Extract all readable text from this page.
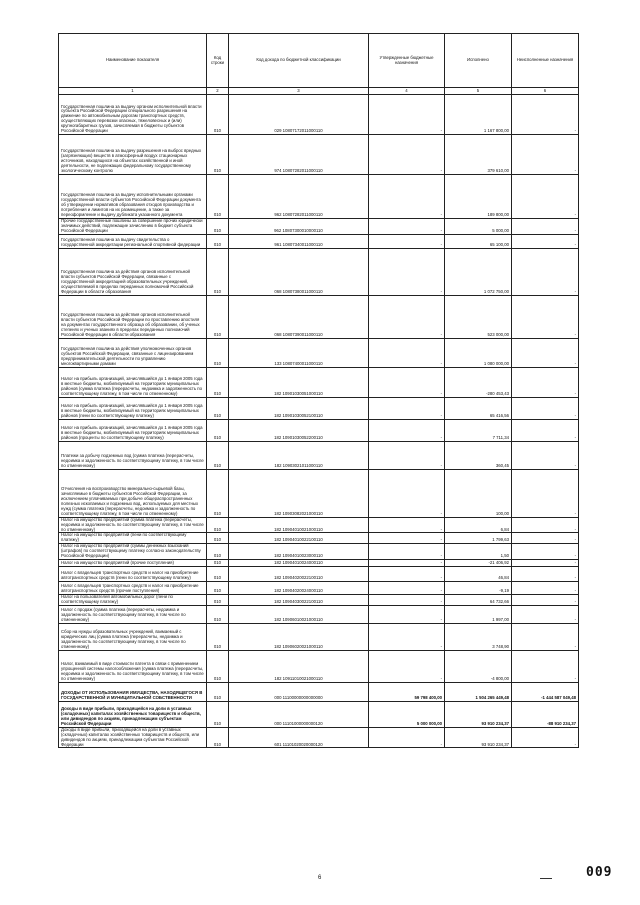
Наименование показателя	Код строки	Код дохода по бюджетной классификации	Утвержденные бюджетные назначения	Исполнено	Неисполненные назначения
1	2	3	4	5	6
Государственная пошлина за выдачу органом исполнительной власти субъекта Российской Федерации специального разрешения на движение по автомобильным дорогам транспортных средств, осуществляющих перевозки опасных, тяжеловесных и (или) крупногабаритных грузов, зачисляемая в бюджеты субъектов Российской Федерации	010	029 10807172011000110	-	1 167 800,00	-
Государственная пошлина за выдачу разрешения на выброс вредных (загрязняющих) веществ в атмосферный воздух стационарных источников, находящихся на объектах хозяйственной и иной деятельности, не подлежащих федеральному государственному экологическому контролю	010	974 10807282011000110	-	379 610,00	-
Государственная пошлина за выдачу исполнительными органами государственной власти субъектов Российской Федерации документа об утверждении нормативов образования отходов производства и потребления и лимитов на их размещение, а также за переоформление и выдачу дубликата указанного документа	010	962 10807282011000110	-	189 800,00	-
Прочие государственные пошлины за совершение прочих юридически значимых действий, подлежащие зачислению в бюджет субъекта Российской Федерации	010	962 10807300010000110	-	5 000,00	-
Государственная пошлина за выдачу свидетельства о государственной аккредитации региональной спортивной федерации	010	961 10807340011000110	-	65 100,00	-
Государственная пошлина за действия органов исполнительной власти субъектов Российской Федерации, связанные с государственной аккредитацией образовательных учреждений, осуществляемой в пределах переданных полномочий Российской Федерации в области образования	010	068 10807380011000110	-	1 072 750,00	-
Государственная пошлина за действия органов исполнительной власти субъектов Российской Федерации по проставлению апостиля на документах государственного образца об образовании, об ученых степенях и ученых званиях в пределах переданных полномочий Российской Федерации в области образования	010	068 10807390011000110	-	523 000,00	-
Государственная пошлина за действия уполномоченных органов субъектов Российской Федерации, связанные с лицензированием предпринимательской деятельности по управлению многоквартирными домами	010	133 10807400011000110	-	1 080 000,00	-
Налог на прибыль организаций, зачислявшийся до 1 января 2005 года в местные бюджеты, мобилизуемый на территориях муниципальных районов (сумма платежа (перерасчеты, недоимка и задолженность по соответствующему платежу, в том числе по отмененному)	010	182 10901030051000110	-	-280 453,43	-
Налог на прибыль организаций, зачислявшийся до 1 января 2005 года в местные бюджеты, мобилизуемый на территориях муниципальных районов (пени по соответствующему платежу)	010	182 10901030052100110	-	65 416,56	-
Налог на прибыль организаций, зачислявшийся до 1 января 2005 года в местные бюджеты, мобилизуемый на территориях муниципальных районов (проценты по соответствующему платежу)	010	182 10901030052200110	-	7 711,34	-
Платежи за добычу подземных вод (сумма платежа (перерасчеты, недоимка и задолженность по соответствующему платежу, в том числе по отмененному)	010	182 10903021011000110	-	360,45	-
Отчисления на воспроизводство минерально-сырьевой базы, зачисляемые в бюджеты субъектов Российской Федерации, за исключением уплачиваемых при добыче общераспространенных полезных ископаемых и подземных вод, используемых для местных нужд (сумма платежа (перерасчеты, недоимка и задолженность по соответствующему платежу, в том числе по отмененному)	010	182 10903082021000110	-	100,00	-
Налог на имущество предприятий (сумма платежа (перерасчеты, недоимка и задолженность по соответствующему платежу, в том числе по отмененному)	010	182 10904010021000110	-	6,84	-
Налог на имущество предприятий (пени по соответствующему платежу)	010	182 10904010022100110	-	1 799,63	-
Налог на имущество предприятий (суммы денежных взысканий (штрафов) по соответствующему платежу согласно законодательству Российской Федерации)	010	182 10904010023000110	-	1,50	-
Налог на имущество предприятий (прочие поступления)	010	182 10904010024000110	-	-21 406,92	-
Налог с владельцев транспортных средств и налог на приобретение автотранспортных средств (пени по соответствующему платежу)	010	182 10904020022100110	-	46,84	-
Налог с владельцев транспортных средств и налог на приобретение автотранспортных средств (прочие поступления)	010	182 10904020024000110	-	-9,19	-
Налог на пользователей автомобильных дорог (пени по соответствующему платежу)	010	182 10904030022100110	-	64 732,66	-
Налог с продаж (сумма платежа (перерасчеты, недоимка и задолженность по соответствующему платежу, в том числе по отмененному)	010	182 10906010021000110	-	1 997,00	-
Сбор на нужды образовательных учреждений, взимаемый с юридических лиц (сумма платежа (перерасчеты, недоимка и задолженность по соответствующему платежу, в том числе по отмененному)	010	182 10906020021000110	-	3 748,90	-
Налог, взимаемый в виде стоимости патента в связи с применением упрощенной системы налогообложения (сумма платежа (перерасчеты, недоимка и задолженность по соответствующему платежу, в том числе по отмененному)	010	182 10911010021000110	-	-4 800,00	-
ДОХОДЫ ОТ ИСПОЛЬЗОВАНИЯ ИМУЩЕСТВА, НАХОДЯЩЕГОСЯ В ГОСУДАРСТВЕННОЙ И МУНИЦИПАЛЬНОЙ СОБСТВЕННОСТИ	010	000 11100000000000000	59 798 400,00	1 504 265 449,48	-1 444 587 049,48
Доходы в виде прибыли, приходящейся на доли в уставных (складочных) капиталах хозяйственных товариществ и обществ, или дивидендов по акциям, принадлежащим субъектам Российской Федерации	010	000 11101000000000120	5 000 000,00	93 910 234,37	-88 910 234,37
Доходы в виде прибыли, приходящейся на доли в уставных (складочных) капиталах хозяйственных товариществ и обществ, или дивидендов по акциям, принадлежащим субъектам Российской Федерации	010	601 11101020020000120	-	93 910 234,37	-
6	009
